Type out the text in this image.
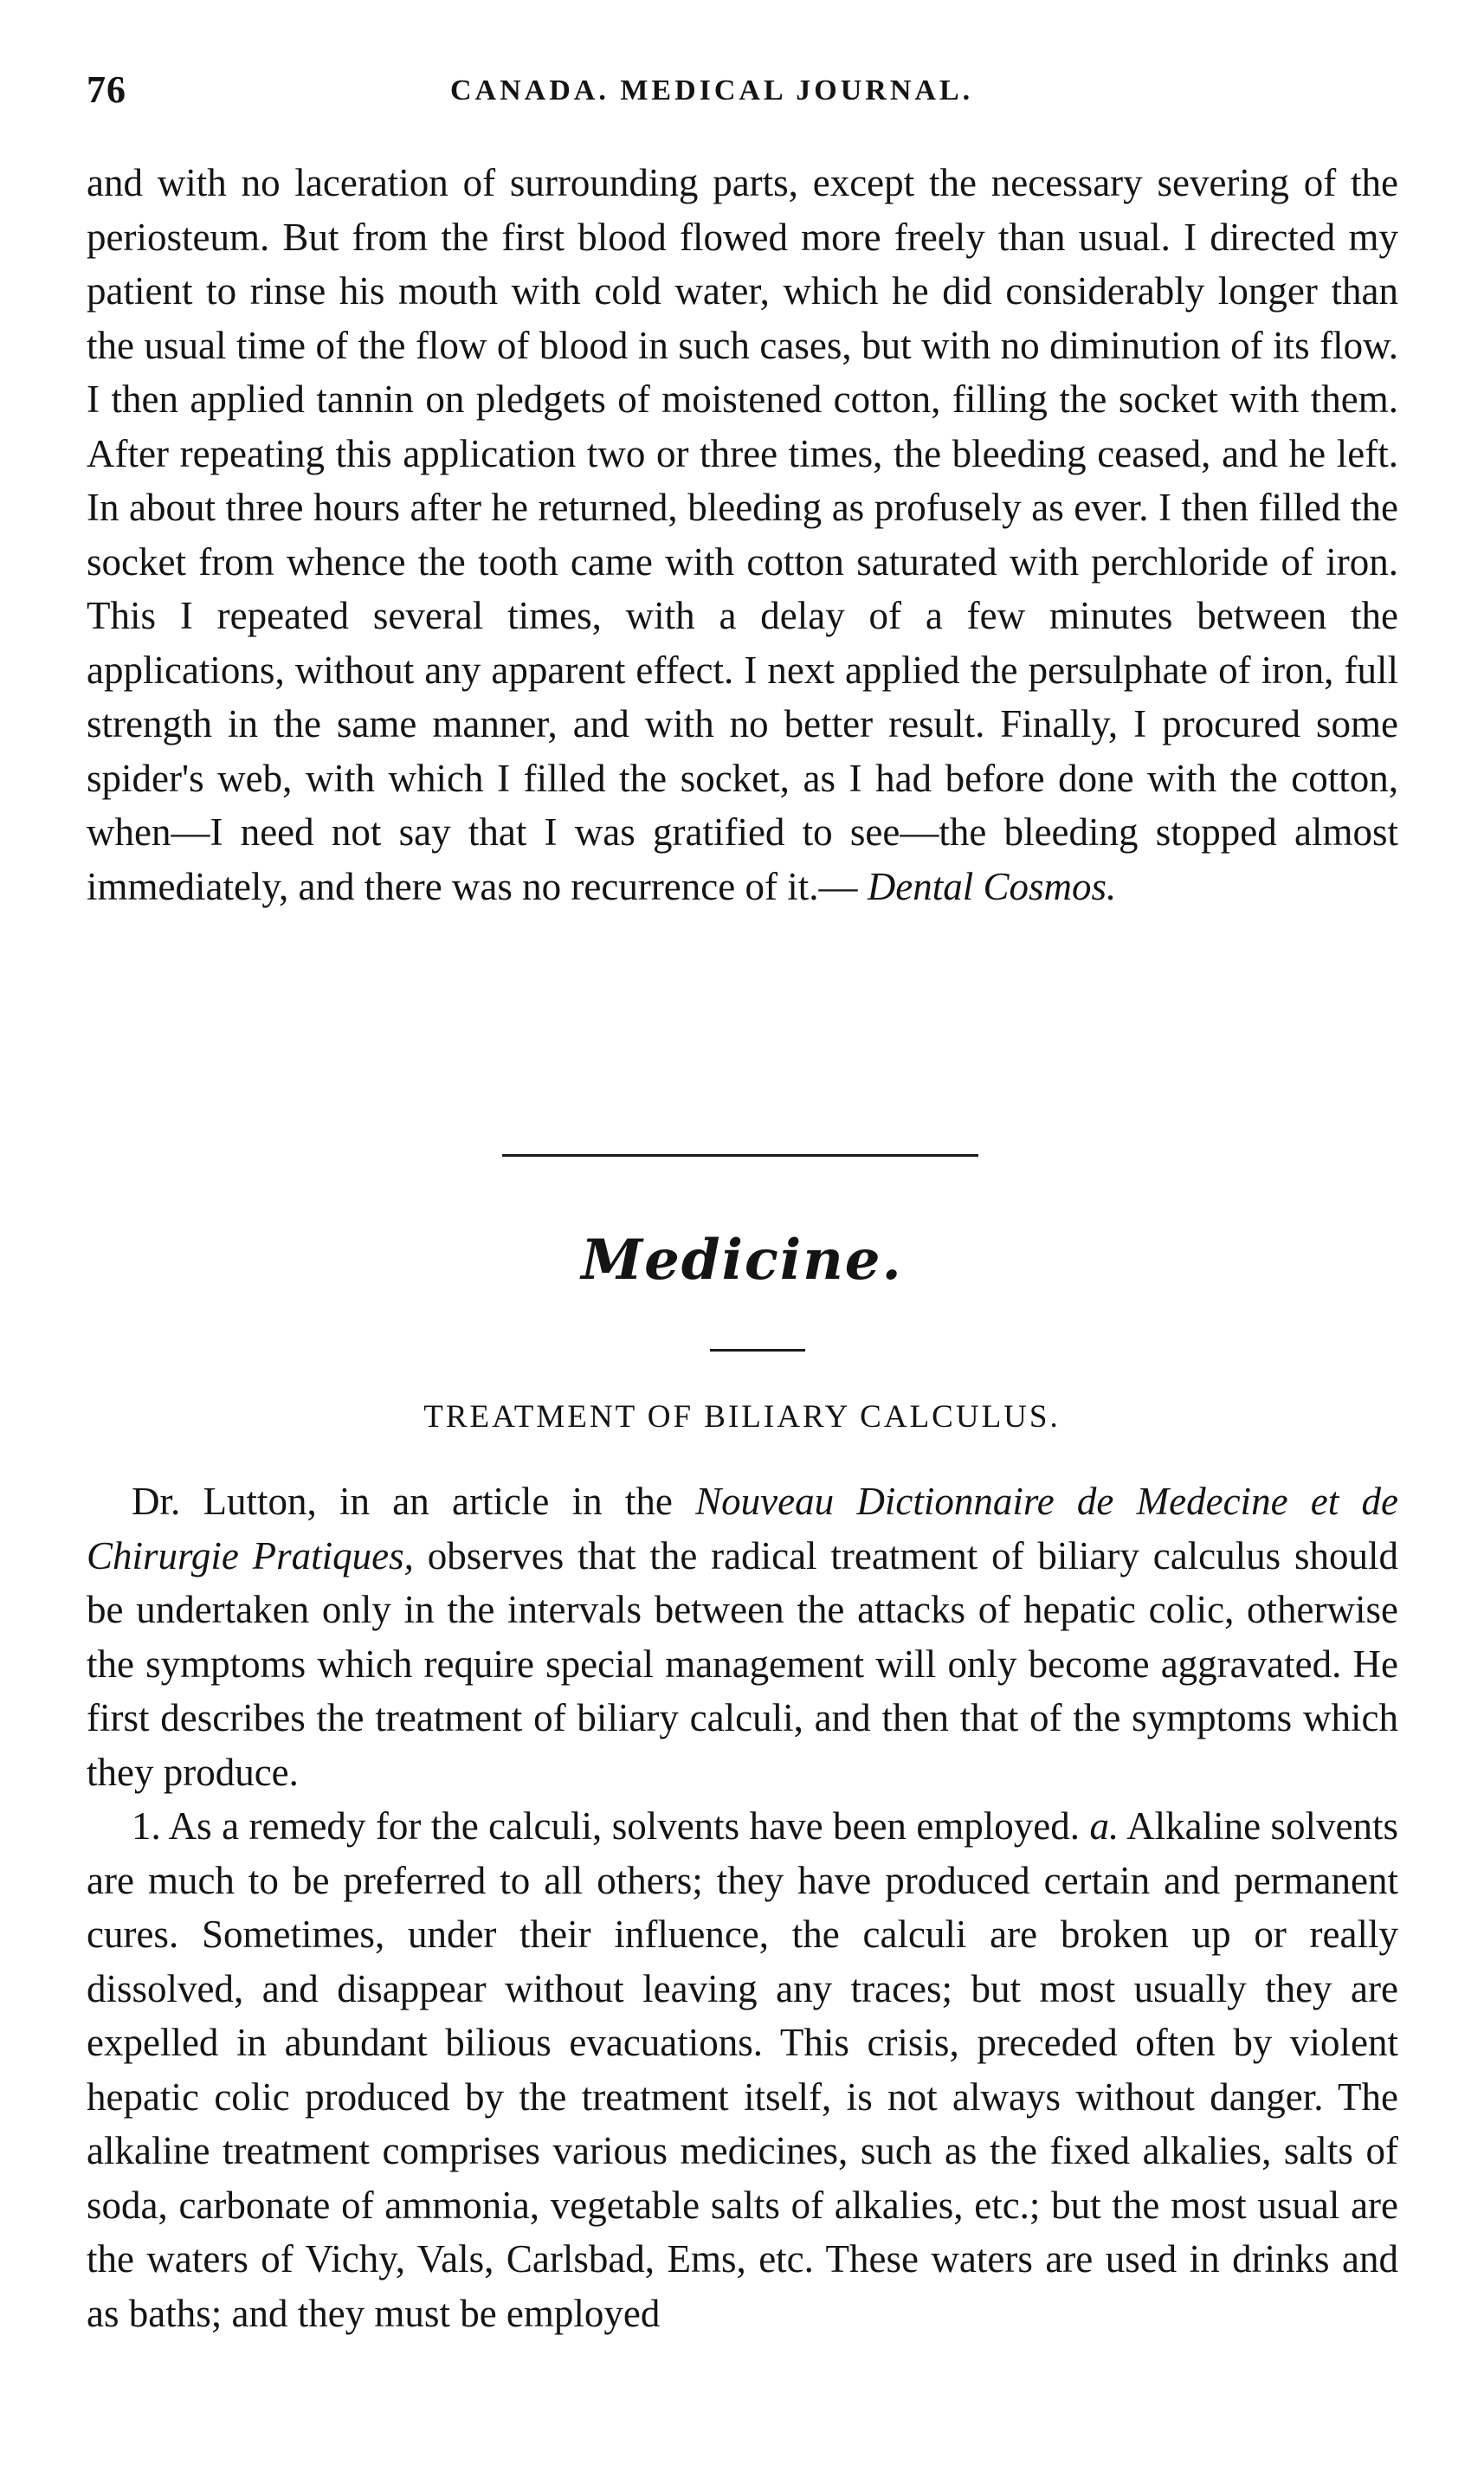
76	CANADA. MEDICAL JOURNAL.

and with no laceration of surrounding parts, except the necessary severing of the periosteum. But from the first blood flowed more freely than usual. I directed my patient to rinse his mouth with cold water, which he did considerably longer than the usual time of the flow of blood in such cases, but with no diminution of its flow. I then applied tannin on pledgets of moistened cotton, filling the socket with them. After repeating this application two or three times, the bleeding ceased, and he left. In about three hours after he returned, bleeding as profusely as ever. I then filled the socket from whence the tooth came with cotton saturated with perchloride of iron. This I repeated several times, with a delay of a few minutes between the applications, without any apparent effect. I next applied the persulphate of iron, full strength in the same manner, and with no better result. Finally, I procured some spider's web, with which I filled the socket, as I had before done with the cotton, when—I need not say that I was gratified to see—the bleeding stopped almost immediately, and there was no recurrence of it.— Dental Cosmos.

Medicine.
TREATMENT OF BILIARY CALCULUS.

Dr. Lutton, in an article in the Nouveau Dictionnaire de Medecine et de Chirurgie Pratiques, observes that the radical treatment of biliary calculus should be undertaken only in the intervals between the attacks of hepatic colic, otherwise the symptoms which require special management will only become aggravated. He first describes the treatment of biliary calculi, and then that of the symptoms which they produce.

1. As a remedy for the calculi, solvents have been employed. a. Alkaline solvents are much to be preferred to all others; they have produced certain and permanent cures. Sometimes, under their influence, the calculi are broken up or really dissolved, and disappear without leaving any traces; but most usually they are expelled in abundant bilious evacuations. This crisis, preceded often by violent hepatic colic produced by the treatment itself, is not always without danger. The alkaline treatment comprises various medicines, such as the fixed alkalies, salts of soda, carbonate of ammonia, vegetable salts of alkalies, etc.; but the most usual are the waters of Vichy, Vals, Carlsbad, Ems, etc. These waters are used in drinks and as baths; and they must be employed
